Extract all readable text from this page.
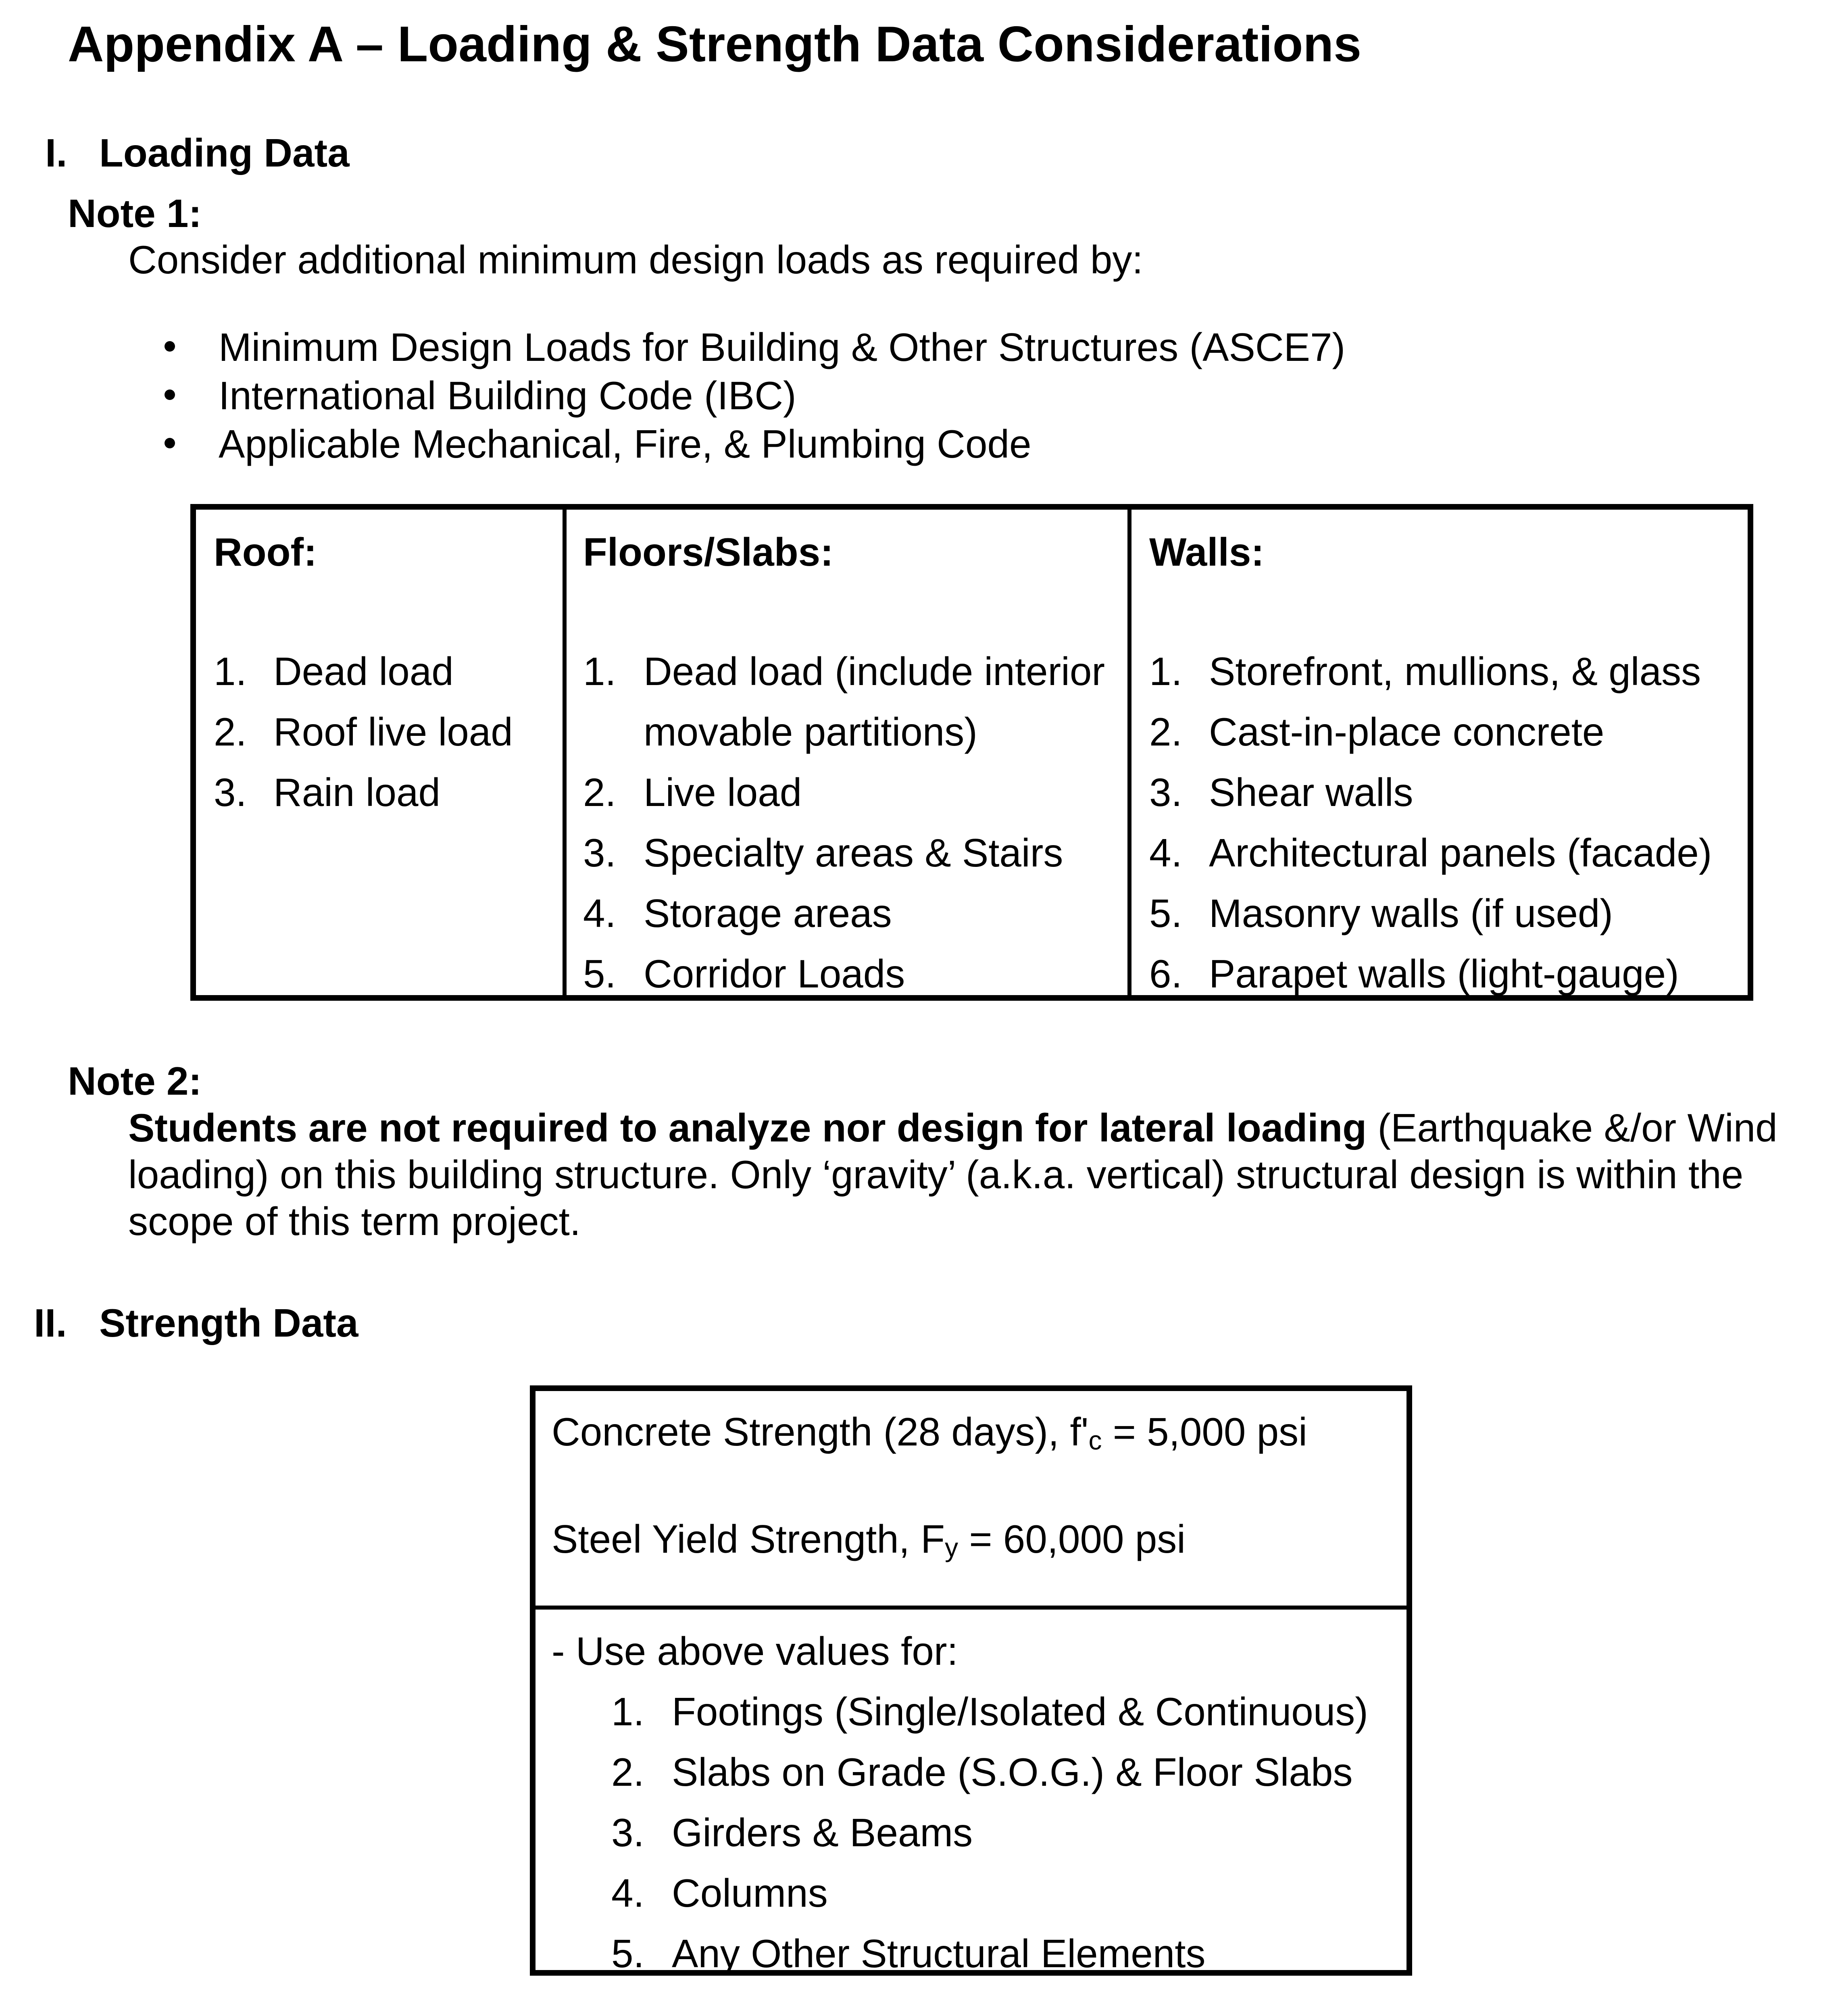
Appendix A – Loading & Strength Data Considerations
I. Loading Data
Note 1:
Consider additional minimum design loads as required by:
Minimum Design Loads for Building & Other Structures (ASCE7)
International Building Code (IBC)
Applicable Mechanical, Fire, & Plumbing Code
Roof:
1. Dead load
2. Roof live load
3. Rain load
Floors/Slabs:
1. Dead load (include interior
movable partitions)
2. Live load
3. Specialty areas & Stairs
4. Storage areas
5. Corridor Loads
Walls:
1. Storefront, mullions, & glass
2. Cast-in-place concrete
3. Shear walls
4. Architectural panels (facade)
5. Masonry walls (if used)
6. Parapet walls (light-gauge)
Note 2:
Students are not required to analyze nor design for lateral loading (Earthquake &/or Wind
loading) on this building structure. Only ‘gravity’ (a.k.a. vertical) structural design is within the
scope of this term project.
II. Strength Data
Concrete Strength (28 days), $f'_c = 5,000$ psi
Steel Yield Strength, $F_y = 60,000$ psi
- Use above values for:
1. Footings (Single/Isolated & Continuous)
2. Slabs on Grade (S.O.G.) & Floor Slabs
3. Girders & Beams
4. Columns
5. Any Other Structural Elements
